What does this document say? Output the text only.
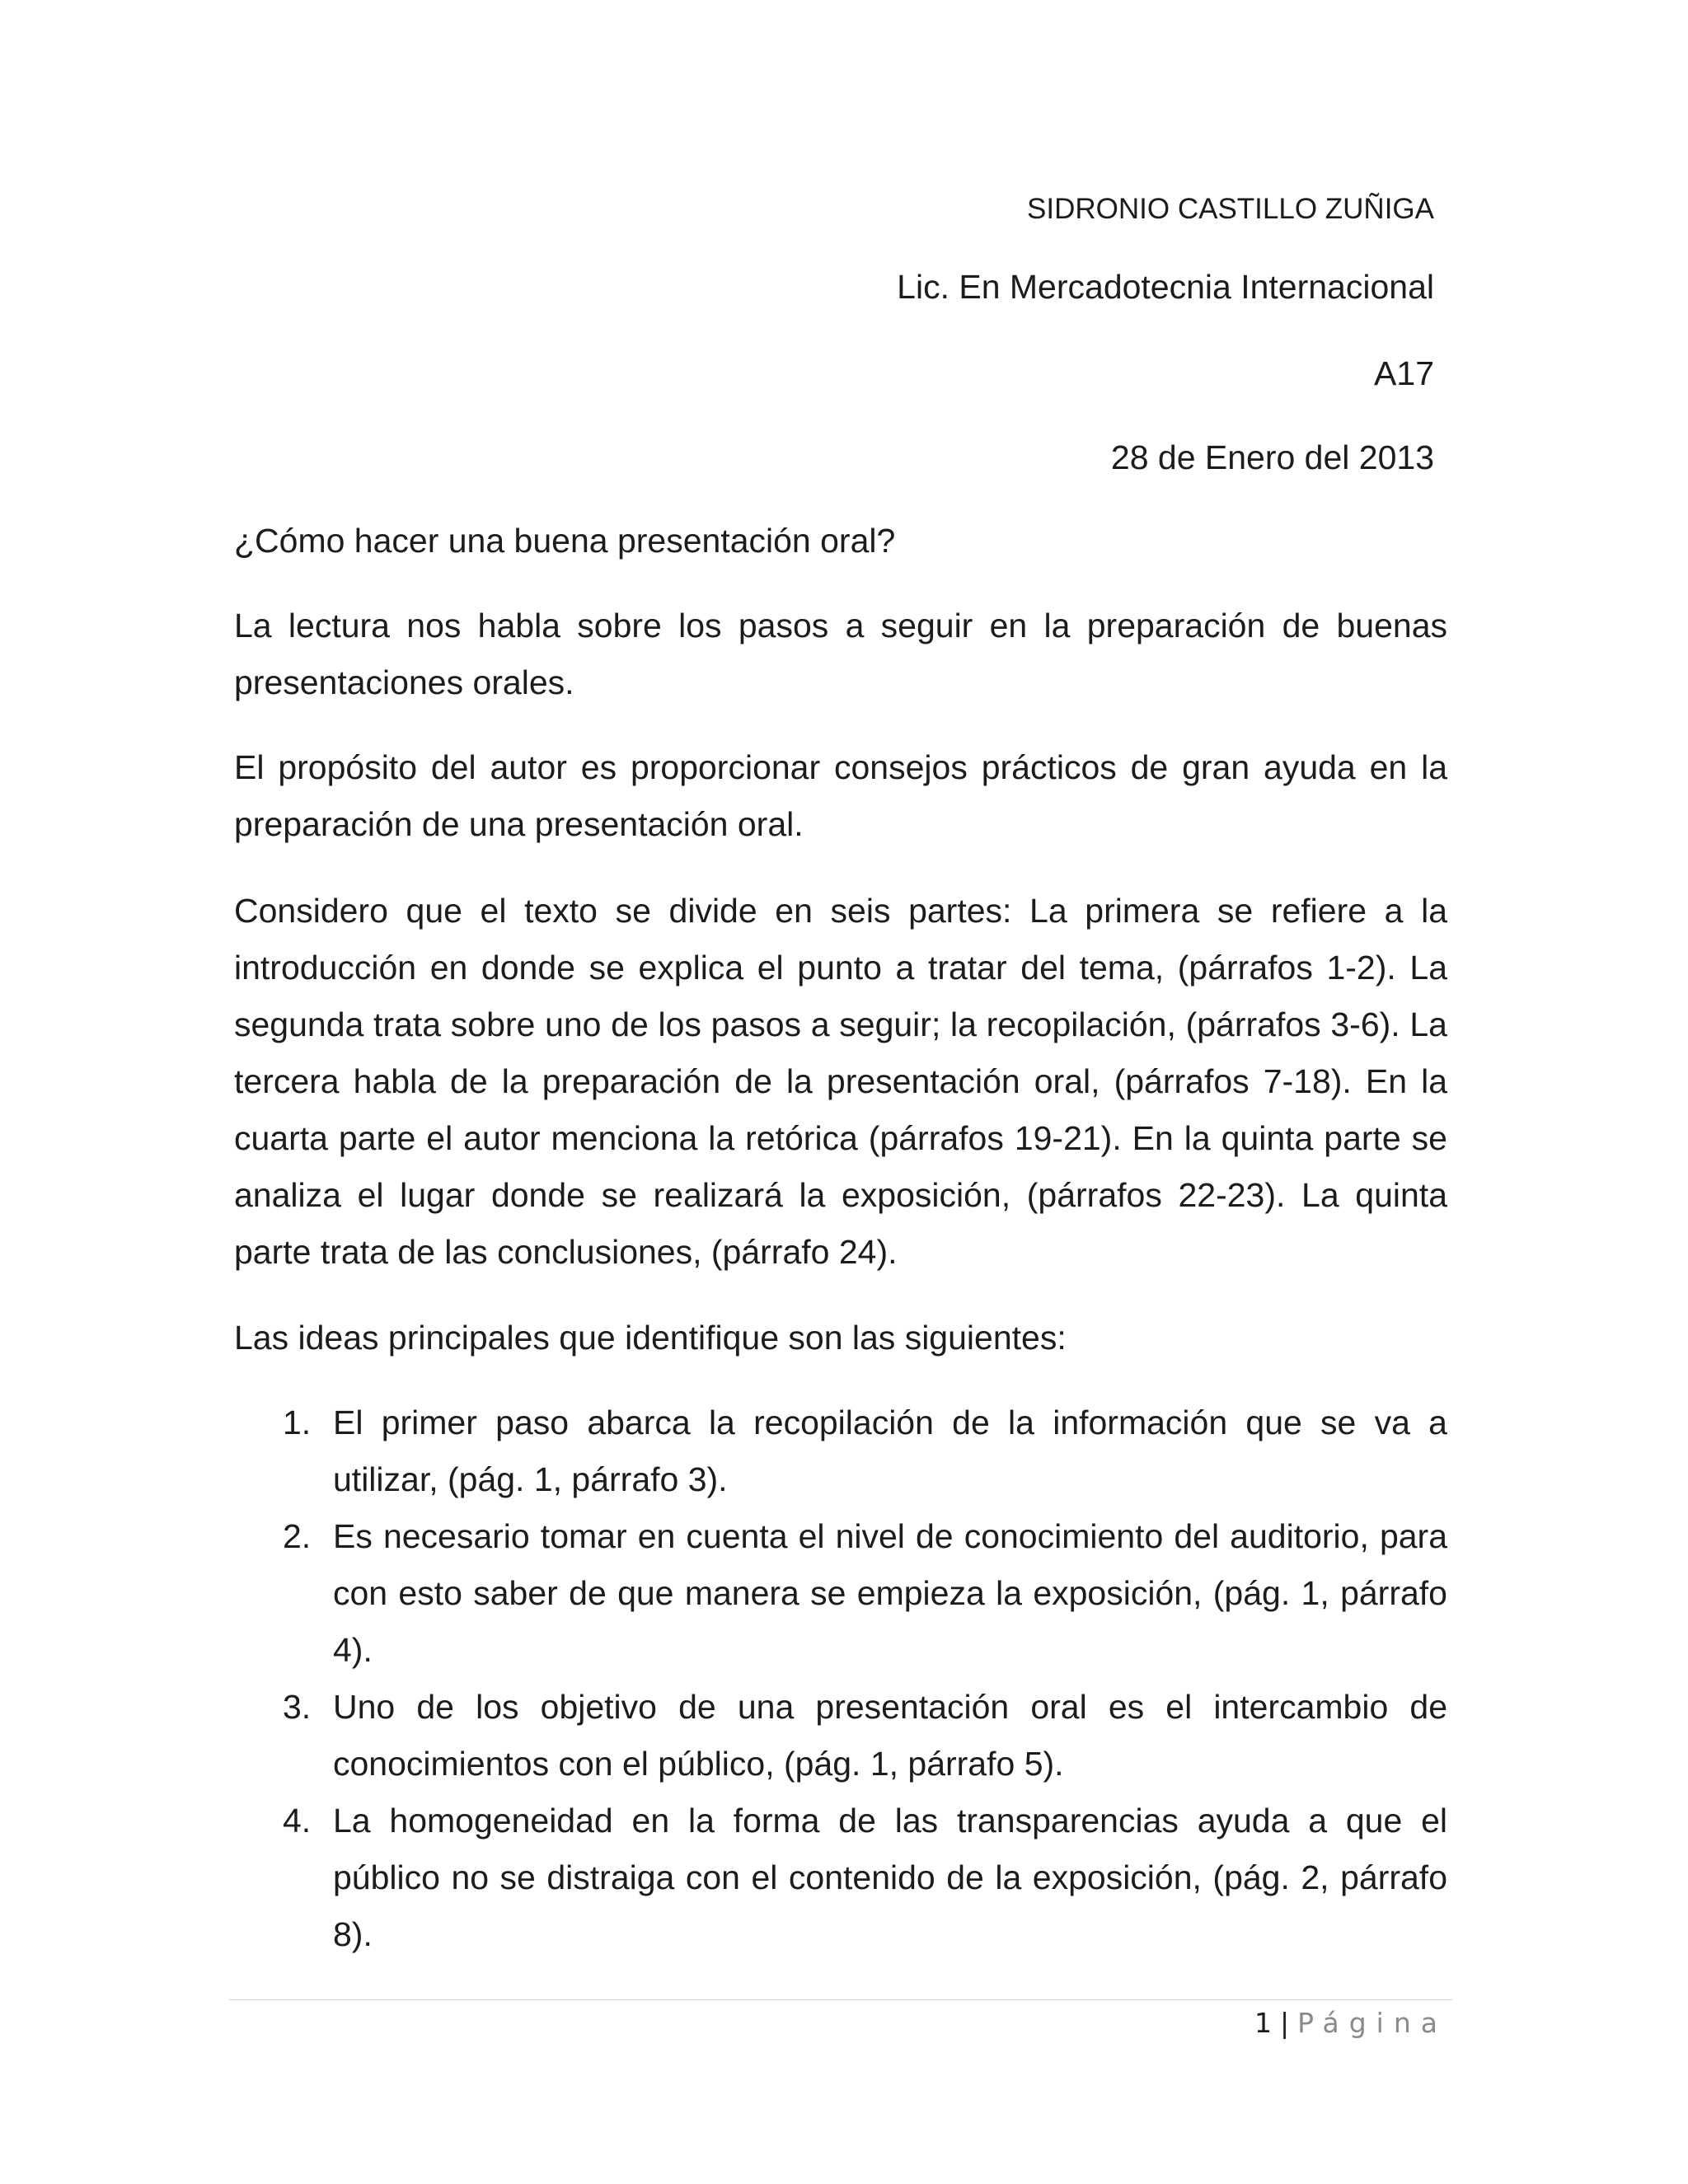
SIDRONIO CASTILLO ZUÑIGA

Lic. En Mercadotecnia Internacional

A17

28 de Enero del 2013

¿Cómo hacer una buena presentación oral?

La lectura nos habla sobre los pasos a seguir en la preparación de buenas presentaciones orales.

El propósito del autor es proporcionar consejos prácticos de gran ayuda en la preparación de una presentación oral.

Considero que el texto se divide en seis partes: La primera se refiere a la introducción en donde se explica el punto a tratar del tema, (párrafos 1-2). La segunda trata sobre uno de los pasos a seguir; la recopilación, (párrafos 3-6). La tercera habla de la preparación de la presentación oral, (párrafos 7-18). En la cuarta parte el autor menciona la retórica (párrafos 19-21). En la quinta parte se analiza el lugar donde se realizará la exposición, (párrafos 22-23). La quinta parte trata de las conclusiones, (párrafo 24).

Las ideas principales que identifique son las siguientes:

1. El primer paso abarca la recopilación de la información que se va a utilizar, (pág. 1, párrafo 3).
2. Es necesario tomar en cuenta el nivel de conocimiento del auditorio, para con esto saber de que manera se empieza la exposición, (pág. 1, párrafo 4).
3. Uno de los objetivo de una presentación oral es el intercambio de conocimientos con el público, (pág. 1, párrafo 5).
4. La homogeneidad en la forma de las transparencias ayuda a que el público no se distraiga con el contenido de la exposición, (pág. 2, párrafo 8).
1 | Página
